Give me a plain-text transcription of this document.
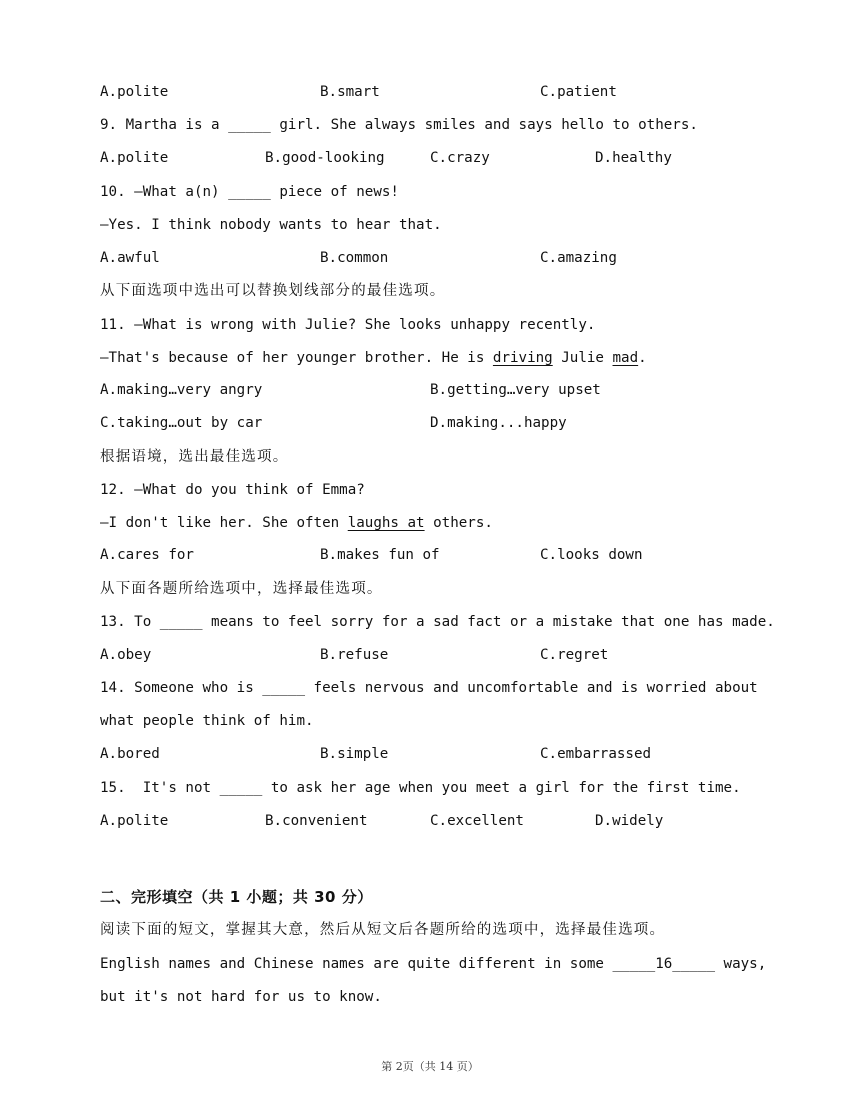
A.polite	B.smart	C.patient
9. Martha is a _____ girl. She always smiles and says hello to others.
A.polite	B.good-looking	C.crazy	D.healthy
10. —What a(n) _____ piece of news!
—Yes. I think nobody wants to hear that.
A.awful	B.common	C.amazing
从下面选项中选出可以替换划线部分的最佳选项。
11. —What is wrong with Julie? She looks unhappy recently.
—That's because of her younger brother. He is driving Julie mad.
A.making…very angry	B.getting…very upset
C.taking…out by car	D.making...happy
根据语境，选出最佳选项。
12. —What do you think of Emma?
—I don't like her. She often laughs at others.
A.cares for	B.makes fun of	C.looks down
从下面各题所给选项中，选择最佳选项。
13. To _____ means to feel sorry for a sad fact or a mistake that one has made.
A.obey	B.refuse	C.regret
14. Someone who is _____ feels nervous and uncomfortable and is worried about
what people think of him.
A.bored	B.simple	C.embarrassed
15.  It's not _____ to ask her age when you meet a girl for the first time.
A.polite	B.convenient	C.excellent	D.widely
二、完形填空（共 1 小题；共 30 分）
阅读下面的短文，掌握其大意，然后从短文后各题所给的选项中，选择最佳选项。
English names and Chinese names are quite different in some _____16_____ ways,
but it's not hard for us to know.
第 2页（共 14 页）
